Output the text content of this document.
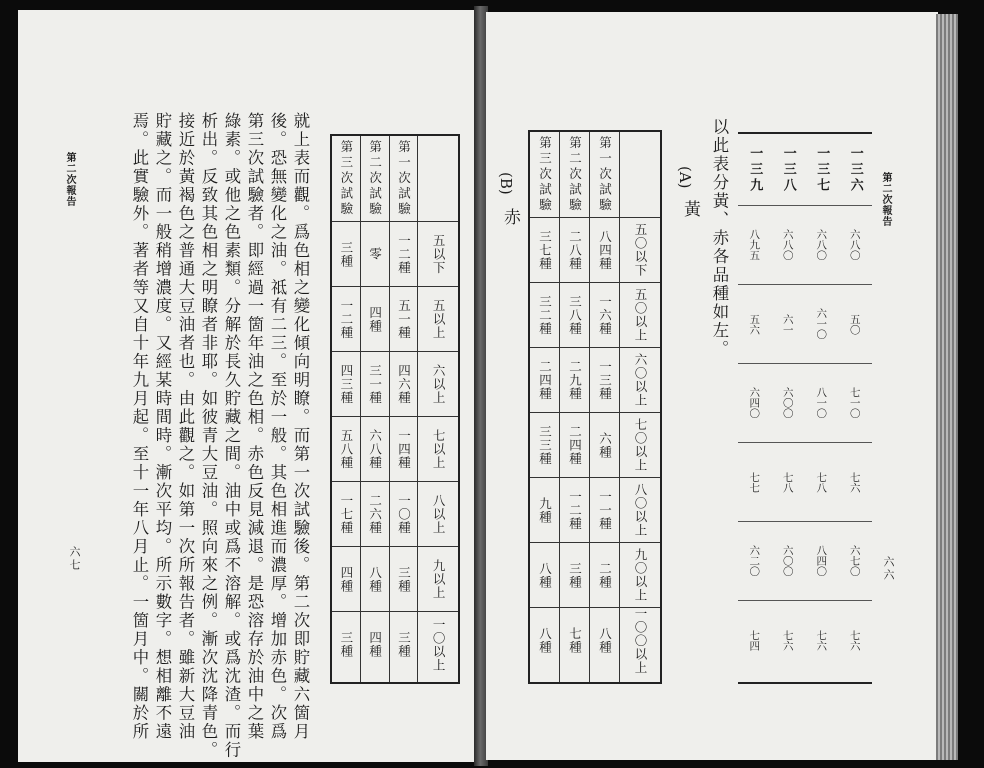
第二次報告
六七	就上表而觀。爲色相之變化傾向明瞭。而第一次試驗後。第二次即貯藏六箇月
後。恐無變化之油。祗有二三。至於一般。其色相進而濃厚。增加赤色。次爲
第三次試驗者。即經過一箇年油之色相。赤色反見減退。是恐溶存於油中之葉
綠素。或他之色素類。分解於長久貯藏之間。油中或爲不溶解。或爲沈渣。而行
析出。反致其色相之明瞭者非耶。如彼青大豆油。照向來之例。漸次沈降青色。
接近於黃褐色之普通大豆油者也。由此觀之。如第一次所報告者。雖新大豆油
貯藏之。而一般稍增濃度。又經某時間時。漸次平均。所示數字。想相離不遠
焉。此實驗外。著者等又自十年九月起。至十一年八月止。一箇月中。關於所	(B)
赤
五以下
五以上
六以上
七以上
八以上
九以上
一〇以上
第一次試驗
一二種
五一種
四六種
一四種
一〇種
三種
三種
第二次試驗
零
四種
三一種
六八種
二六種
八種
四種
第三次試驗
三種
一二種
四三種
五八種
一七種
四種
三種
第二次報告
六六
一三六
六八〇
五〇
七一〇
七六
六七〇
七六
一三七
六八〇
六一〇
八一〇
七八
八四〇
七六
一三八
六八〇
六一
六〇〇
七八
六〇〇
七六
一三九
八九五
五六
六四〇
七七
六二〇
七四
以此表分黃、赤各品種如左。
(A)
黃
五〇以下
五〇以上
六〇以上
七〇以上
八〇以上
九〇以上
一〇〇以上
第一次試驗
八四種
一六種
一三種
六種
一一種
二種
八種
第二次試驗
二八種
三八種
二九種
二四種
一二種
三種
七種
第三次試驗
三七種
三二種
二四種
三三種
九種
八種
八種
